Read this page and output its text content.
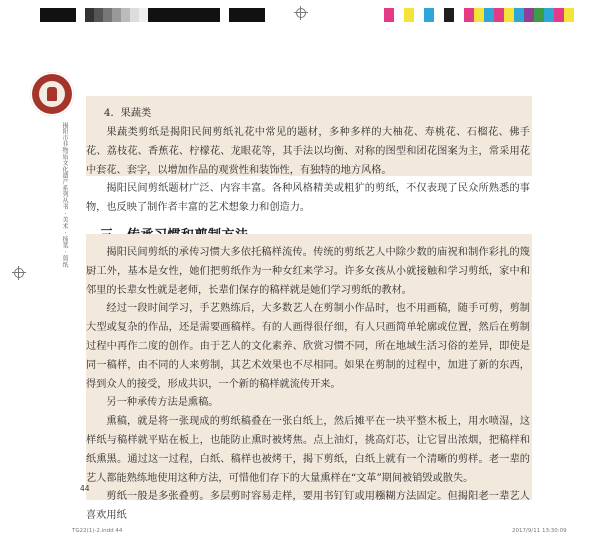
揭阳市非物质文化遗产系列丛书 · 美术 · 扬葉 · 剪纸
4．果蔬类

果蔬类剪纸是揭阳民间剪纸礼花中常见的题材，多种多样的大柚花、寿桃花、石榴花、佛手花、荔枝花、香蕉花、柠檬花、龙眼花等，其手法以均衡、对称的图型和团花图案为主，常采用花中套花、套字，以增加作品的观赏性和装饰性，有独特的地方风格。

揭阳民间剪纸题材广泛、内容丰富。各种风格精美或粗犷的剪纸，不仅表现了民众所熟悉的事物，也反映了制作者丰富的艺术想象力和创造力。

揭阳民间剪纸的承传习惯大多依托稿样流传。传统的剪纸艺人中除少数的庙祝和制作彩扎的篾厨工外，基本是女性，她们把剪纸作为一种女红来学习。许多女孩从小就接触和学习剪纸，家中和邻里的长辈女性就是老师，长辈们保存的稿样就是她们学习剪纸的教材。

经过一段时间学习，手艺熟练后，大多数艺人在剪制小作品时，也不用画稿，随手可剪，剪制大型或复杂的作品，还是需要画稿样。有的人画得很仔细，有人只画简单轮廓或位置，然后在剪制过程中再作二度的创作。由于艺人的文化素养、欣赏习惯不同，所在地域生活习俗的差异，即使是同一稿样，由不同的人来剪制，其艺术效果也不尽相同。如果在剪制的过程中，加进了新的东西，得到众人的接受，形成共识，一个新的稿样就流传开来。

另一种承传方法是熏稿。

熏稿，就是将一张现成的剪纸稿叠在一张白纸上，然后摊平在一块平整木板上，用水喷湿，这样纸与稿样就平贴在板上，也能防止熏时被烤焦。点上油灯，挑高灯芯，让它冒出浓烟，把稿样和纸熏黑。通过这一过程，白纸、稿样也被烤干，揭下剪纸，白纸上就有一个清晰的剪样。老一辈的艺人都能熟练地使用这种方法，可惜他们存下的大量熏样在“文革”期间被销毁或散失。

剪纸一般是多张叠剪。多层剪时容易走样，要用书钉钉或用糨糊方法固定。但揭阳老一辈艺人喜欢用纸

44
TG22(1)-2.indd 44	2017/9/11 13:30:09
